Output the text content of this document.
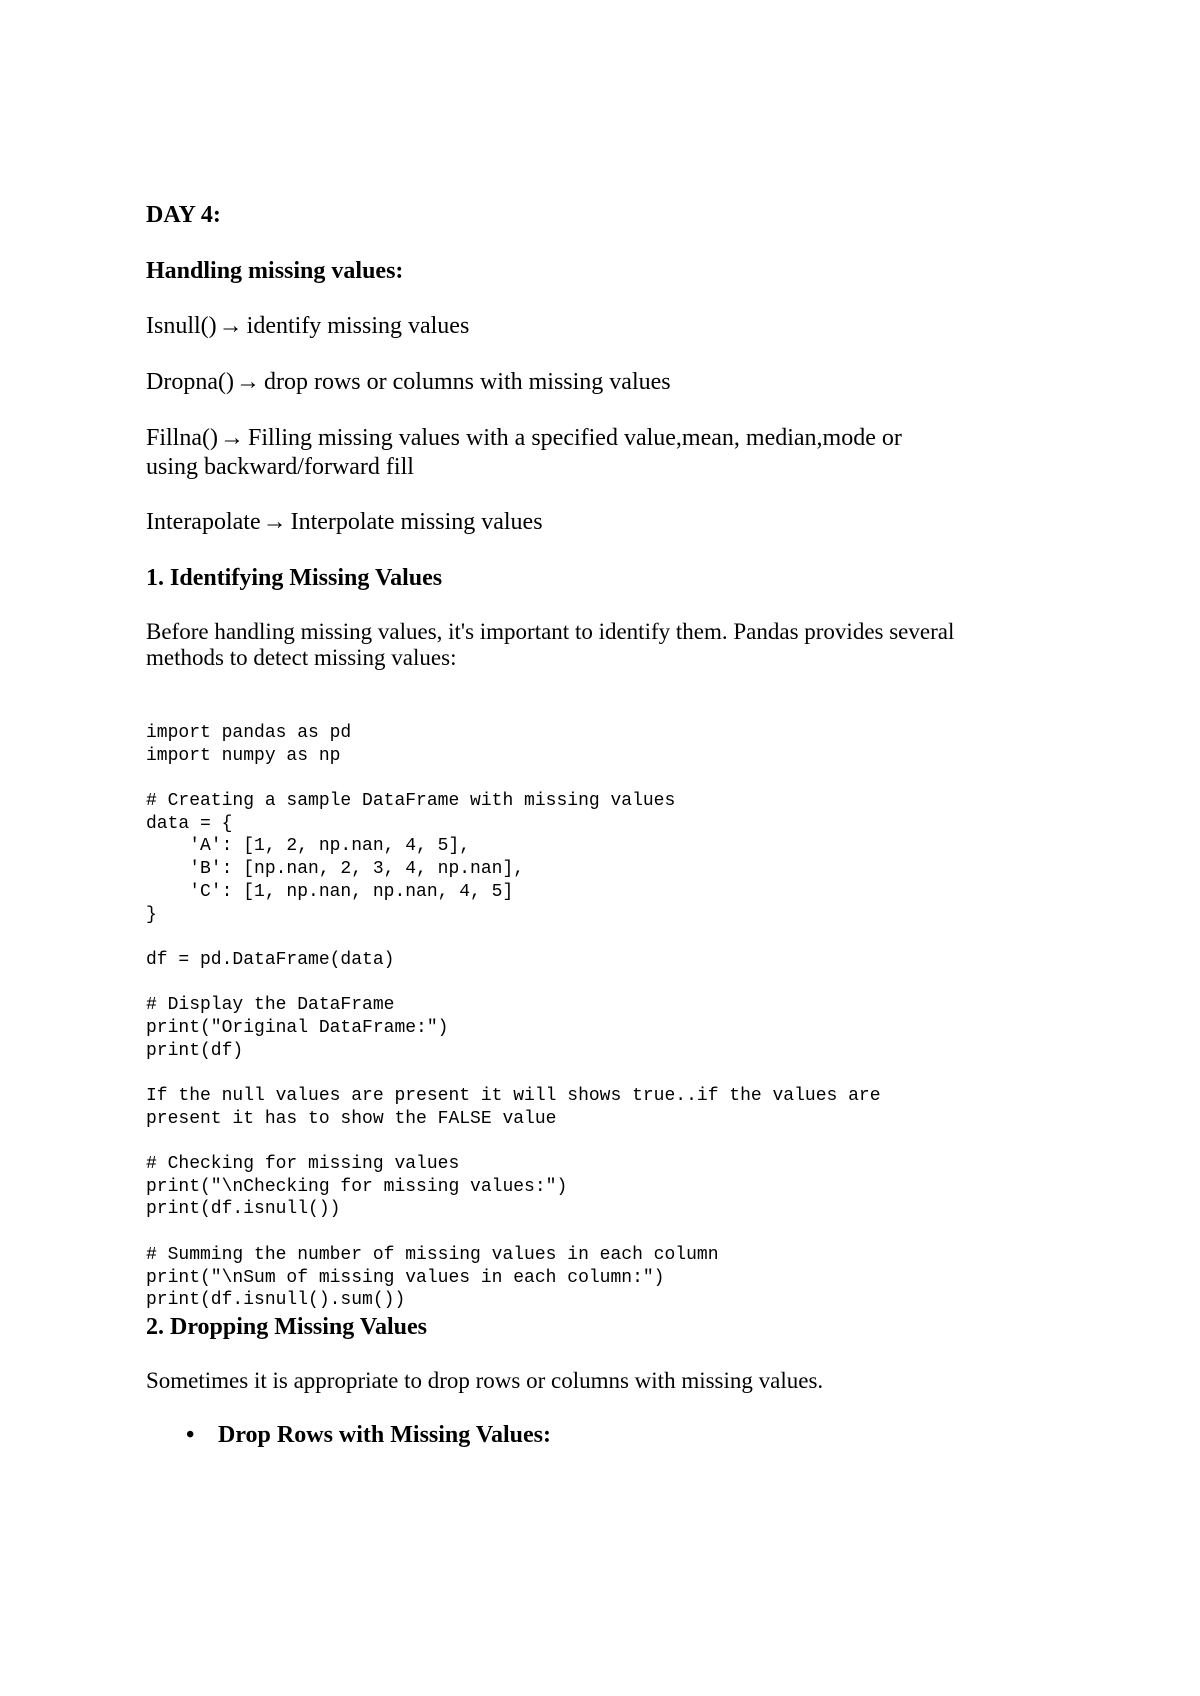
DAY 4:

Handling missing values:

Isnull()→ identify missing values

Dropna()→ drop rows or columns with missing values

Fillna()→ Filling missing values with a specified value,mean, median,mode or

using backward/forward fill

Interapolate→ Interpolate missing values

1. Identifying Missing Values

Before handling missing values, it's important to identify them. Pandas provides several

methods to detect missing values:

import pandas as pd
import numpy as np
# Creating a sample DataFrame with missing values
data = {
'A': [1, 2, np.nan, 4, 5],
'B': [np.nan, 2, 3, 4, np.nan],
'C': [1, np.nan, np.nan, 4, 5]
}
df = pd.DataFrame(data)
# Display the DataFrame
print("Original DataFrame:")
print(df)
If the null values are present it will shows true..if the values are
present it has to show the FALSE value
# Checking for missing values
print("\nChecking for missing values:")
print(df.isnull())
# Summing the number of missing values in each column
print("\nSum of missing values in each column:")
print(df.isnull().sum())

2. Dropping Missing Values

Sometimes it is appropriate to drop rows or columns with missing values.

• Drop Rows with Missing Values:
